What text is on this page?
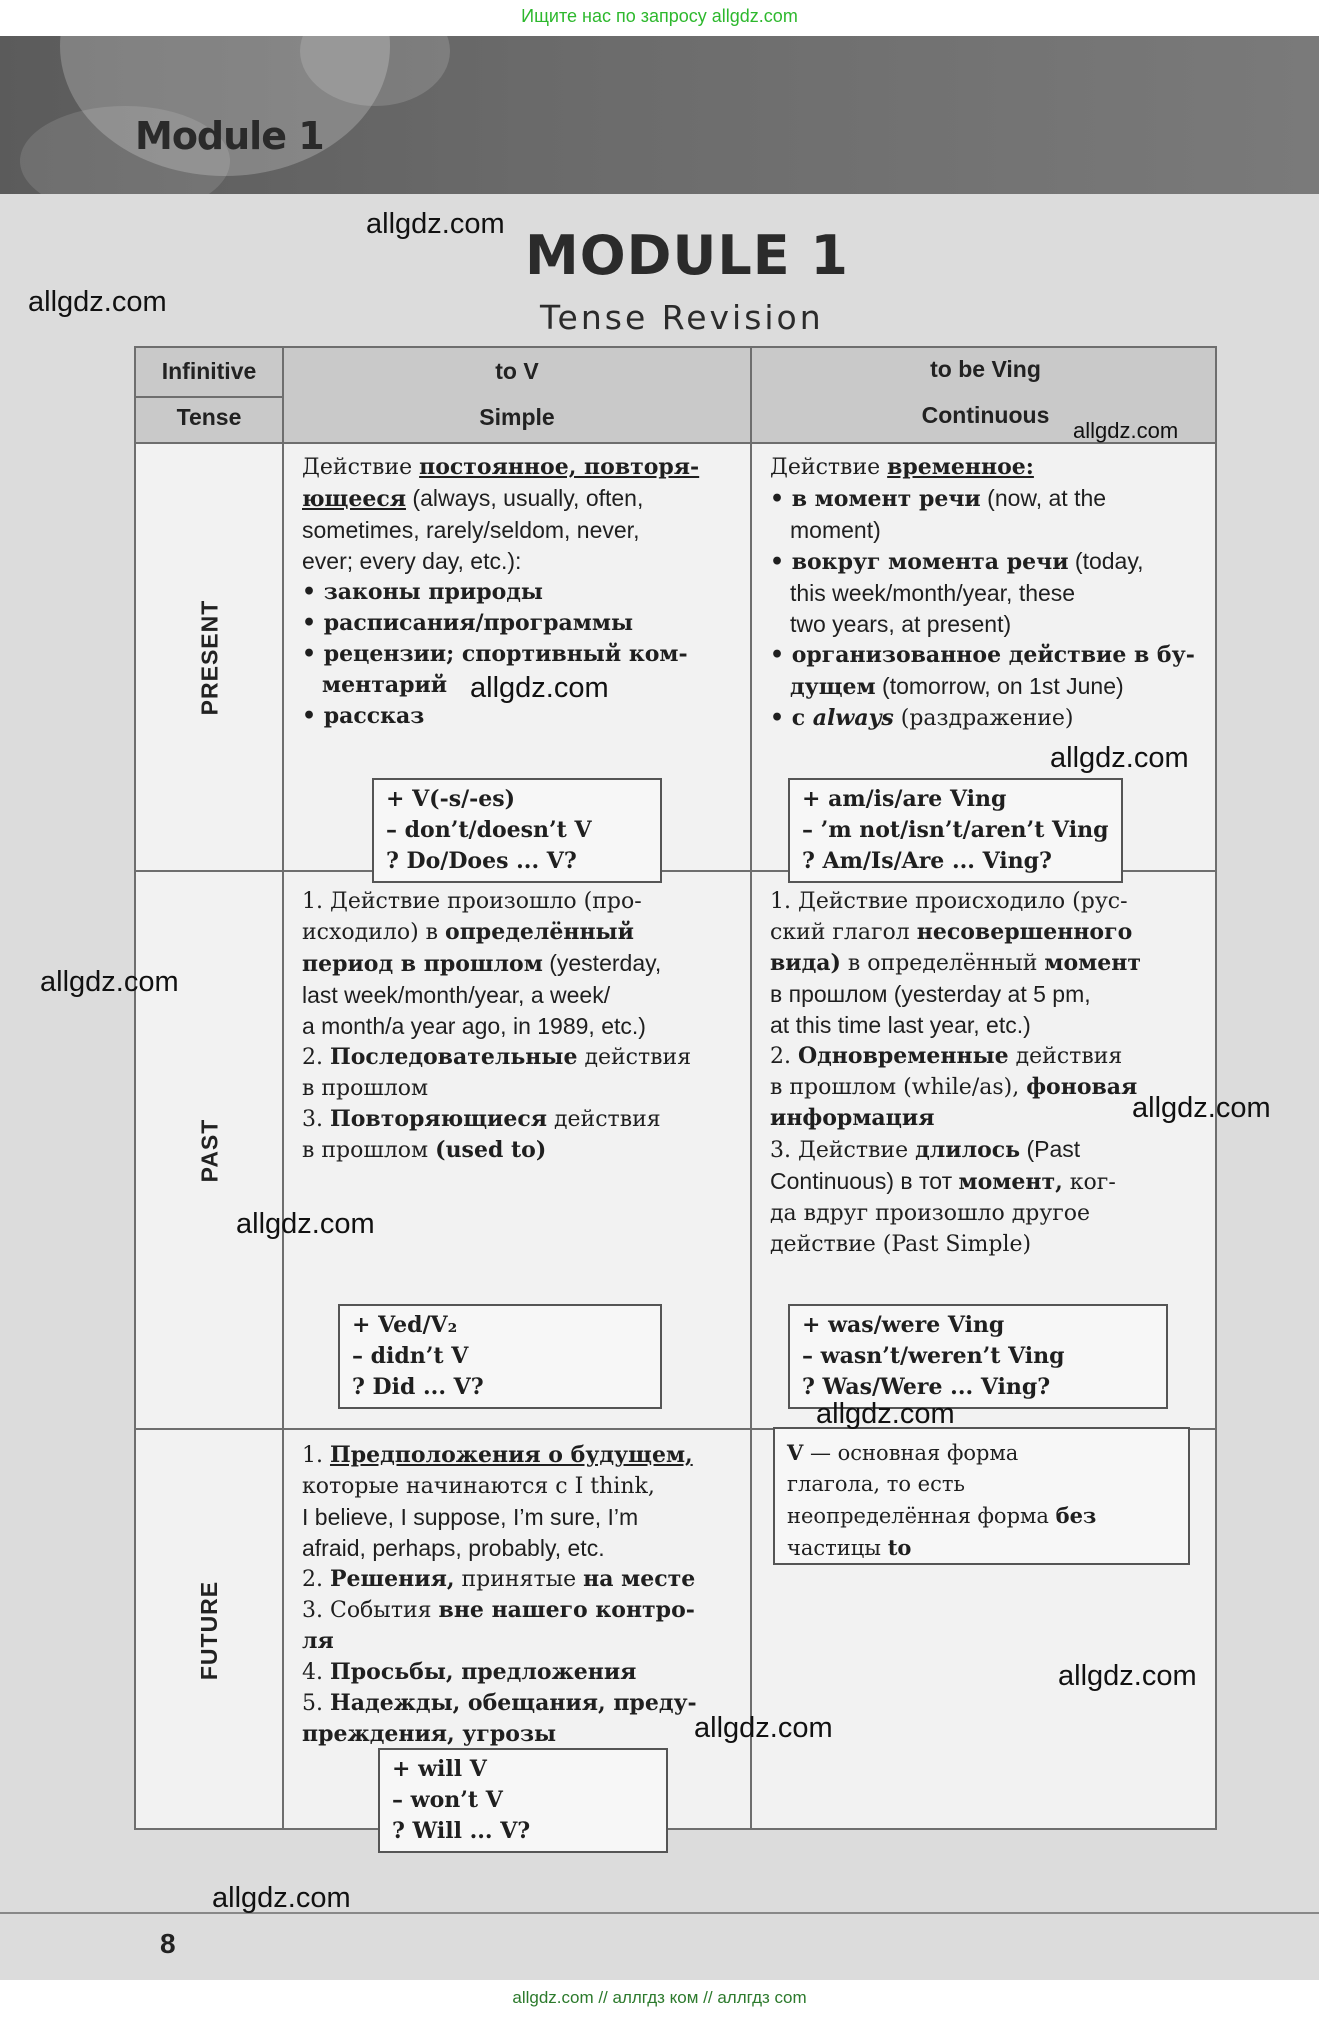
Ищите нас по запросу allgdz.com
Module 1
MODULE 1
Tense Revision
Infinitive
Tense
to V
Simple
to be Ving
Continuous
PRESENT
PAST
FUTURE

Действие постоянное, повторя-

ющееся (always, usually, often,

sometimes, rarely/seldom, never,

ever; every day, etc.):

• законы природы

• расписания/программы

• рецензии; спортивный ком-

ментарий

• рассказ

+ V(-s/-es)
– don’t/doesn’t V
? Do/Does ... V?

Действие временное:

• в момент речи (now, at the

moment)

• вокруг момента речи (today,

this week/month/year, these

two years, at present)

• организованное действие в бу-

дущем (tomorrow, on 1st June)

• с always (раздражение)

+ am/is/are Ving
– ’m not/isn’t/aren’t Ving
? Am/Is/Are ... Ving?

1. Действие произошло (про-

исходило) в определённый

период в прошлом (yesterday,

last week/month/year, a week/

a month/a year ago, in 1989, etc.)

2. Последовательные действия

в прошлом

3. Повторяющиеся действия

в прошлом (used to)

+ Ved/V₂
– didn’t V
? Did ... V?

1. Действие происходило (рус-

ский глагол несовершенного

вида) в определённый момент

в прошлом (yesterday at 5 pm,

at this time last year, etc.)

2. Одновременные действия

в прошлом (while/as), фоновая

информация

3. Действие длилось (Past

Continuous) в тот момент, ког-

да вдруг произошло другое

действие (Past Simple)

+ was/were Ving
– wasn’t/weren’t Ving
? Was/Were ... Ving?

1. Предположения о будущем,

которые начинаются с I think,

I believe, I suppose, I’m sure, I’m

afraid, perhaps, probably, etc.

2. Решения, принятые на месте

3. События вне нашего контро-

ля

4. Просьбы, предложения

5. Надежды, обещания, преду-

преждения, угрозы

+ will V
– won’t V
? Will ... V?
V — основная форма
глагола, то есть
неопределённая форма без
частицы to
8
allgdz.com
allgdz.com
allgdz.com
allgdz.com
allgdz.com
allgdz.com
allgdz.com
allgdz.com
allgdz.com
allgdz.com
allgdz.com
allgdz.com
allgdz.com // аллгдз ком // аллгдз com
